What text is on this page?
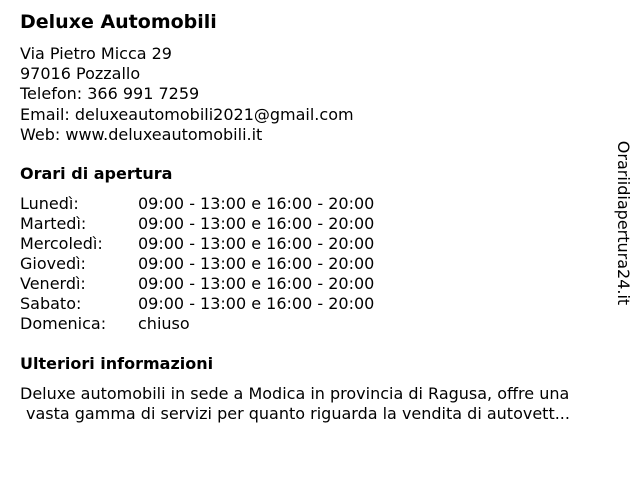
Deluxe Automobili
Via Pietro Micca 29
97016 Pozzallo
Telefon: 366 991 7259
Email: deluxeautomobili2021@gmail.com
Web: www.deluxeautomobili.it
Orari di apertura
Lunedì:	09:00 - 13:00 e 16:00 - 20:00
Martedì:	09:00 - 13:00 e 16:00 - 20:00
Mercoledì: 09:00 - 13:00 e 16:00 - 20:00
Giovedì:	09:00 - 13:00 e 16:00 - 20:00
Venerdì:	09:00 - 13:00 e 16:00 - 20:00
Sabato:	09:00 - 13:00 e 16:00 - 20:00
Domenica: chiuso
Ulteriori informazioni
Deluxe automobili in sede a Modica in provincia di Ragusa, offre una
vasta gamma di servizi per quanto riguarda la vendita di autovett...
Orariidiapertura24.it
